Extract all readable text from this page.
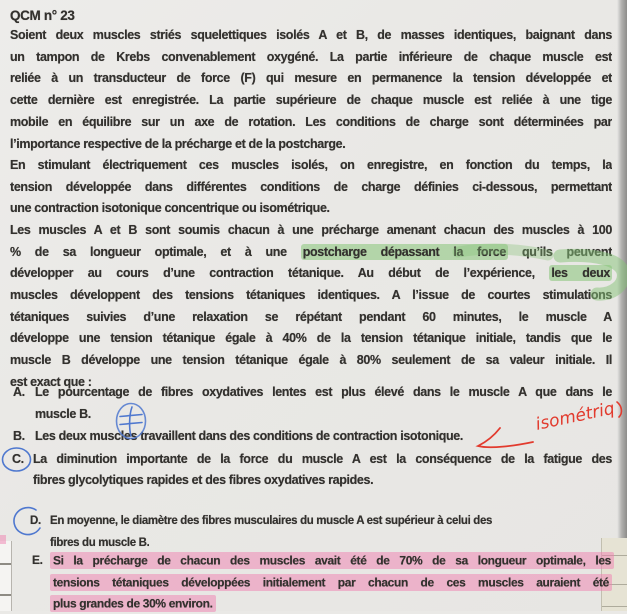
QCM n° 23
Soient deux muscles striés squelettiques isolés A et B, de masses identiques, baignant dans
un tampon de Krebs convenablement oxygéné. La partie inférieure de chaque muscle est
reliée à un transducteur de force (F) qui mesure en permanence la tension développée et
cette dernière est enregistrée. La partie supérieure de chaque muscle est reliée à une tige
mobile en équilibre sur un axe de rotation. Les conditions de charge sont déterminées par
l’importance respective de la précharge et de la postcharge.
En stimulant électriquement ces muscles isolés, on enregistre, en fonction du temps, la
tension développée dans différentes conditions de charge définies ci-dessous, permettant
une contraction isotonique concentrique ou isométrique.
Les muscles A et B sont soumis chacun à une précharge amenant chacun des muscles à 100
% de sa longueur optimale, et à une postcharge dépassant la force qu’ils peuvent
développer au cours d’une contraction tétanique. Au début de l’expérience, les deux
muscles développent des tensions tétaniques identiques. A l’issue de courtes stimulations
tétaniques suivies d’une relaxation se répétant pendant 60 minutes, le muscle A
développe une tension tétanique égale à 40% de la tension tétanique initiale, tandis que le
muscle B développe une tension tétanique égale à 80% seulement de sa valeur initiale. Il
est exact que :
A. Le pourcentage de fibres oxydatives lentes est plus élevé dans le muscle A que dans le
muscle B.
B. Les deux muscles travaillent dans des conditions de contraction isotonique.
C. La diminution importante de la force du muscle A est la conséquence de la fatigue des
fibres glycolytiques rapides et des fibres oxydatives rapides.
D. En moyenne, le diamètre des fibres musculaires du muscle A est supérieur à celui des
fibres du muscle B.
E. Si la précharge de chacun des muscles avait été de 70% de sa longueur optimale, les
tensions tétaniques développées initialement par chacun de ces muscles auraient été
plus grandes de 30% environ.
isométriq
